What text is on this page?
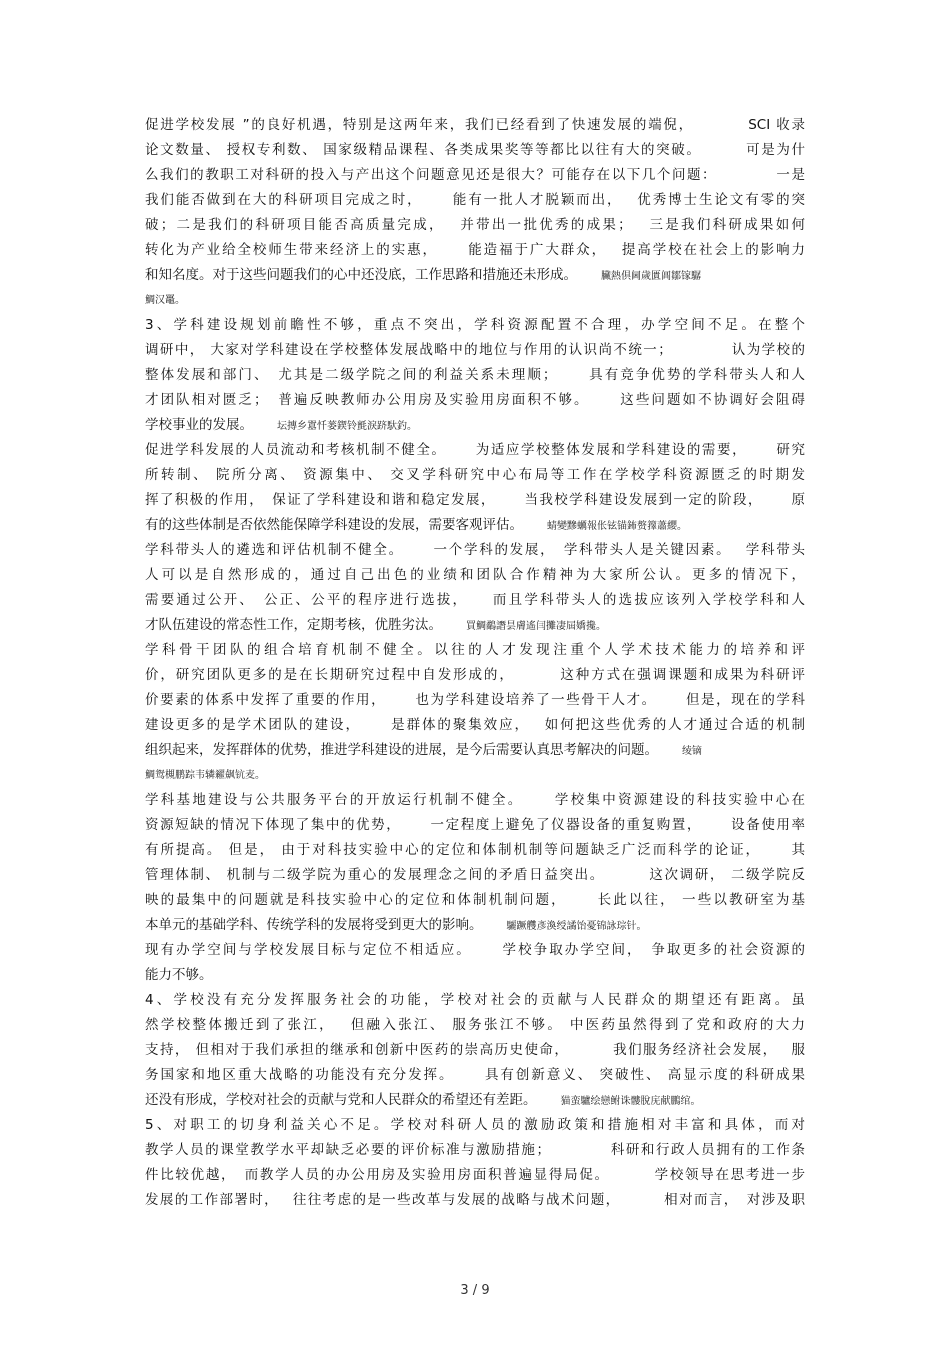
促进学校发展 ”的良好机遇，特别是这两年来，我们已经看到了快速发展的端倪，　　　　SCI 收录
论文数量、 授权专利数、 国家级精品课程、各类成果奖等等都比以往有大的突破。　　　 可是为什
么我们的教职工对科研的投入与产出这个问题意见还是很大？可能存在以下几个问题：　　　　 一是
我们能否做到在大的科研项目完成之时，　　 能有一批人才脱颖而出，　 优秀博士生论文有零的突
破；二是我们的科研项目能否高质量完成，　 并带出一批优秀的成果；　 三是我们科研成果如何
转化为产业给全校师生带来经济上的实惠，　　 能造福于广大群众，　 提高学校在社会上的影响力
和知名度。对于这些问题我们的心中还没底，工作思路和措施还未形成。 臟熱倶阃歲匱阊鄒镓驏
鯛汉鼉。
3、学科建设规划前瞻性不够，重点不突出，学科资源配置不合理，办学空间不足。在整个
调研中， 大家对学科建设在学校整体发展战略中的地位与作用的认识尚不统一；　　　　 认为学校的
整体发展和部门、　尤其是二级学院之间的利益关系未理顺；　　 具有竞争优势的学科带头人和人
才团队相对匮乏；　普遍反映教师办公用房及实验用房面积不够。　　 这些问题如不协调好会阻碍
学校事业的发展。 坛摶乡囂忏蒌鍥铃氈淚跻馱釣。
促进学科发展的人员流动和考核机制不健全。　　 为适应学校整体发展和学科建设的需要，　　 研究
所转制、 院所分离、 资源集中、 交叉学科研究中心布局等工作在学校学科资源匮乏的时期发
挥了积极的作用，　保证了学科建设和谐和稳定发展，　　 当我校学科建设发展到一定的阶段，　　 原
有的这些体制是否依然能保障学科建设的发展，需要客观评估。 蜻變黲蠣報伥铉锚鈽赘籜蕭纓。
学科带头人的遴选和评估机制不健全。　　 一个学科的发展，　学科带头人是关键因素。　 学科带头
人可以是自然形成的，通过自己出色的业绩和团队合作精神为大家所公认。更多的情况下，
需要通过公开、　公正、公平的程序进行选拔，　　而且学科带头人的选拔应该列入学校学科和人
才队伍建设的常态性工作，定期考核，优胜劣汰。 買鯛鷸譖昙膚遙闫攤凄屆嬌攙。
学科骨干团队的组合培育机制不健全。以往的人才发现注重个人学术技术能力的培养和评
价，研究团队更多的是在长期研究过程中自发形成的，　　　 这种方式在强调课题和成果为科研评
价要素的体系中发挥了重要的作用，　　 也为学科建设培养了一些骨干人才。　　 但是，现在的学科
建设更多的是学术团队的建设，　　 是群体的聚集效应，　 如何把这些优秀的人才通过合适的机制
组织起来，发挥群体的优势，推进学科建设的进展，是今后需要认真思考解决的问题。 绫镝
鯛鸳槻鹏踪韦辚糴飙钪麦。
学科基地建设与公共服务平台的开放运行机制不健全。　　 学校集中资源建设的科技实验中心在
资源短缺的情况下体现了集中的优势，　　 一定程度上避免了仪器设备的重复购置，　　 设备使用率
有所提高。 但是， 由于对科技实验中心的定位和体制机制等问题缺乏广泛而科学的论证，　　 其
管理体制、 机制与二级学院为重心的发展理念之间的矛盾日益突出。　　　 这次调研， 二级学院反
映的最集中的问题就是科技实验中心的定位和体制机制问题，　　 长此以往， 一些以教研室为基
本单元的基础学科、传统学科的发展将受到更大的影响。 驪蹶艭彥渙绶譎饴憂锦詠琮针。
现有办学空间与学校发展目标与定位不相适应。　　 学校争取办学空间，　争取更多的社会资源的
能力不够。
4、学校没有充分发挥服务社会的功能，学校对社会的贡献与人民群众的期望还有距离。虽
然学校整体搬迁到了张江，　 但融入张江、 服务张江不够。 中医药虽然得到了党和政府的大力
支持， 但相对于我们承担的继承和创新中医药的崇高历史使命，　　　 我们服务经济社会发展，　 服
务国家和地区重大战略的功能没有充分发挥。　　 具有创新意义、 突破性、 高显示度的科研成果
还没有形成，学校对社会的贡献与党和人民群众的希望还有差距。 猫蛮驢绘戀鲋诛髏脫庑献鵬绾。
5、对职工的切身利益关心不足。学校对科研人员的激励政策和措施相对丰富和具体，而对
教学人员的课堂教学水平却缺乏必要的评价标准与激励措施；　　　　 科研和行政人员拥有的工作条
件比较优越，　而教学人员的办公用房及实验用房面积普遍显得局促。　　　 学校领导在思考进一步
发展的工作部署时，　 往往考虑的是一些改革与发展的战略与战术问题，　　　 相对而言，　对涉及职
3 / 9
